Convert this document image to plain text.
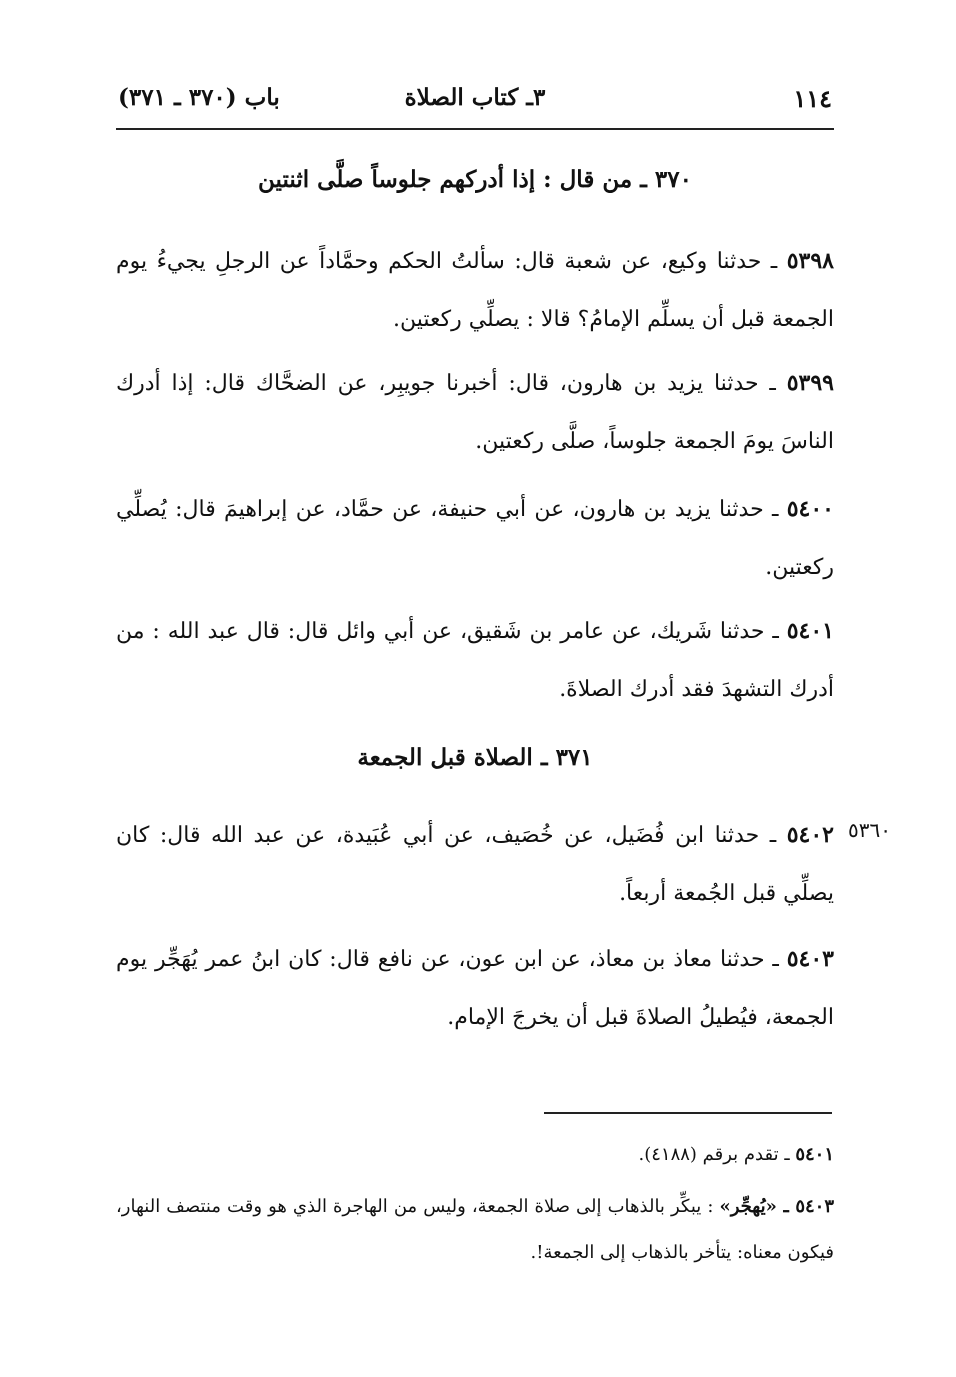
١١٤
٣ـ كتاب الصلاة
باب (٣٧٠ ـ ٣٧١)
٣٧٠ ـ من قال : إذا أدركهم جلوساً صلَّى اثنتين

٥٣٩٨ ـ حدثنا وكيع، عن شعبة قال: سألتُ الحكم وحمَّاداً عن الرجلِ يجيءُ يوم الجمعة قبل أن يسلِّم الإمامُ؟ قالا : يصلِّي ركعتين.

٥٣٩٩ ـ حدثنا يزيد بن هارون، قال: أخبرنا جويبِر، عن الضحَّاك قال: إذا أدرك الناسَ يومَ الجمعة جلوساً، صلَّى ركعتين.

٥٤٠٠ ـ حدثنا يزيد بن هارون، عن أبي حنيفة، عن حمَّاد، عن إبراهيمَ قال: يُصلِّي ركعتين.

٥٤٠١ ـ حدثنا شَريك، عن عامر بن شَقيق، عن أبي وائل قال: قال عبد الله : من أدرك التشهدَ فقد أدرك الصلاةَ.

٣٧١ ـ الصلاة قبل الجمعة
٥٣٦٠

٥٤٠٢ ـ حدثنا ابن فُضَيل، عن خُصَيف، عن أبي عُبَيدة، عن عبد الله قال: كان يصلِّي قبل الجُمعة أربعاً.

٥٤٠٣ ـ حدثنا معاذ بن معاذ، عن ابن عون، عن نافع قال: كان ابنُ عمر يُهَجِّر يوم الجمعة، فيُطيلُ الصلاةَ قبل أن يخرجَ الإمام.

٥٤٠١ ـ تقدم برقم (٤١٨٨).

٥٤٠٣ ـ «يُهجِّر» : يبكِّر بالذهاب إلى صلاة الجمعة، وليس من الهاجرة الذي هو وقت منتصف النهار، فيكون معناه: يتأخر بالذهاب إلى الجمعة!.
